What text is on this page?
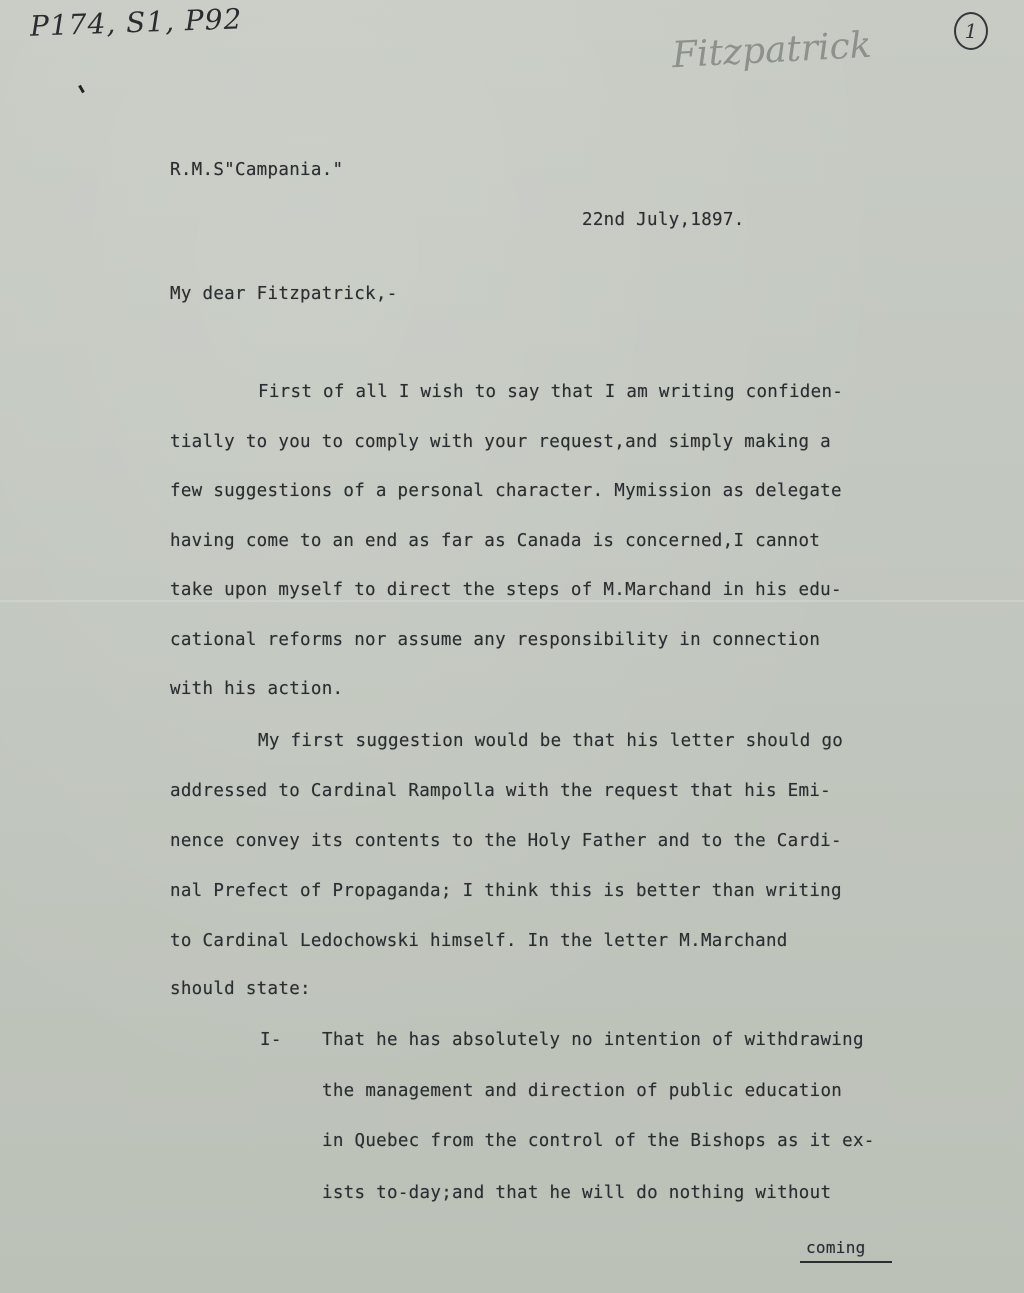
P174, S1, P92
Fitzpatrick	1
R.M.S"Campania."
22nd July,1897.
My dear Fitzpatrick,-
First of all I wish to say that I am writing confiden-
tially to you to comply with your request,and simply making a
few suggestions of a personal character. Mymission as delegate
having come to an end as far as Canada is concerned,I cannot
take upon myself to direct the steps of M.Marchand in his edu-
cational reforms nor assume any responsibility in connection
with his action.
My first suggestion would be that his letter should go
addressed to Cardinal Rampolla with the request that his Emi-
nence convey its contents to the Holy Father and to the Cardi-
nal Prefect of Propaganda; I think this is better than writing
to Cardinal Ledochowski himself. In the letter M.Marchand
should state:
I- That he has absolutely no intention of withdrawing
the management and direction of public education
in Quebec from the control of the Bishops as it ex-
ists to-day;and that he will do nothing without
coming
